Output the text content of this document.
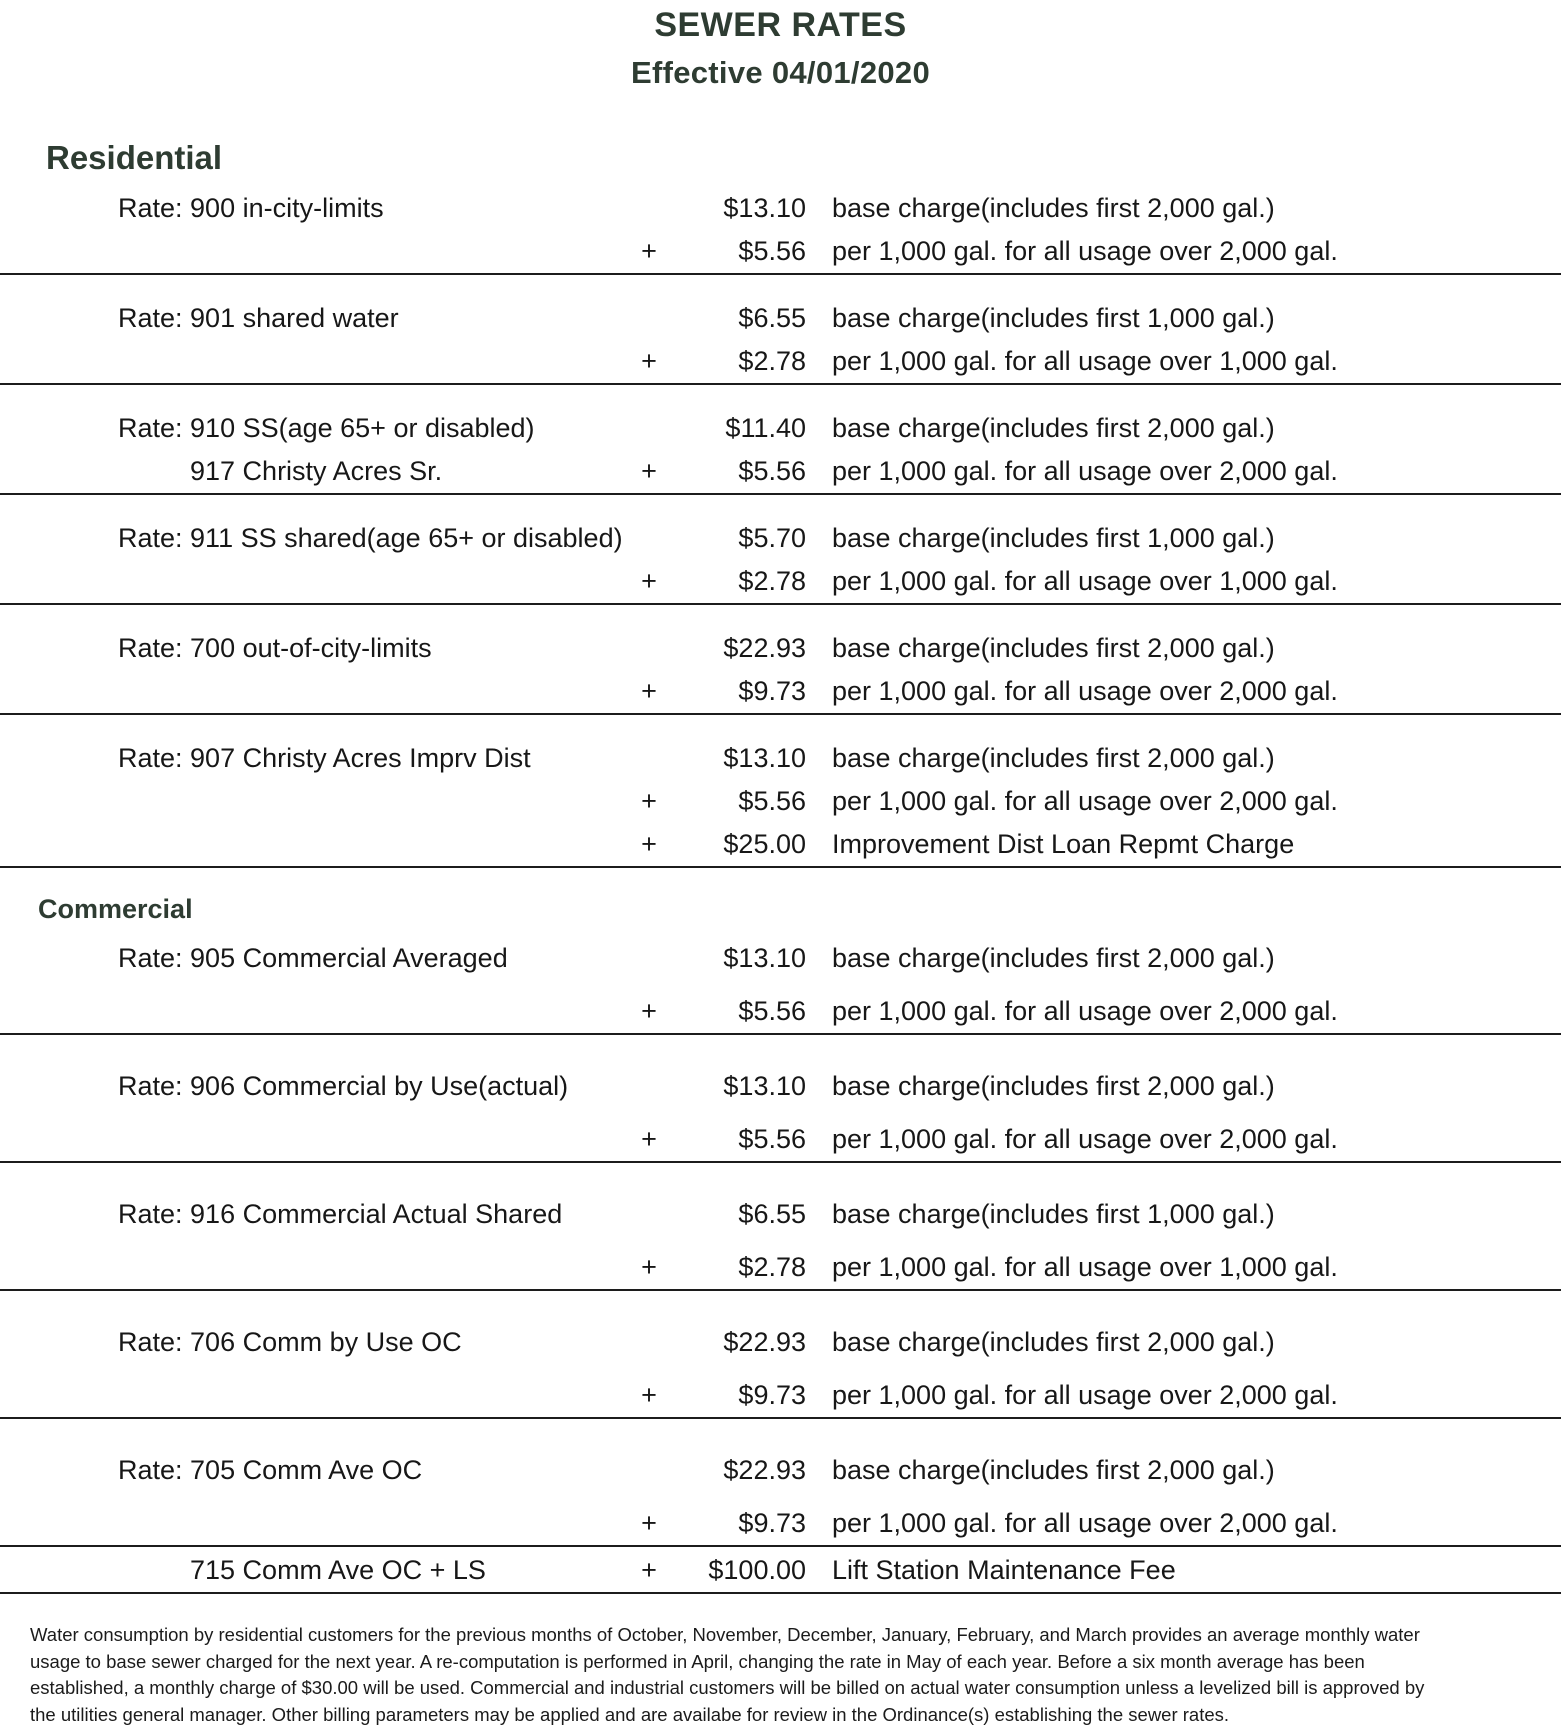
SEWER RATES
Effective 04/01/2020
Residential
Rate: 900 in-city-limits	$13.10 base charge(includes first 2,000 gal.)
+	$5.56 per 1,000 gal. for all usage over 2,000 gal.
Rate: 901 shared water	$6.55 base charge(includes first 1,000 gal.)
+	$2.78 per 1,000 gal. for all usage over 1,000 gal.
Rate: 910 SS(age 65+ or disabled)	$11.40 base charge(includes first 2,000 gal.)
917 Christy Acres Sr.	+	$5.56 per 1,000 gal. for all usage over 2,000 gal.
Rate: 911 SS shared(age 65+ or disabled)	$5.70 base charge(includes first 1,000 gal.)
+	$2.78 per 1,000 gal. for all usage over 1,000 gal.
Rate: 700 out-of-city-limits	$22.93 base charge(includes first 2,000 gal.)
+	$9.73 per 1,000 gal. for all usage over 2,000 gal.
Rate: 907 Christy Acres Imprv Dist	$13.10 base charge(includes first 2,000 gal.)
+	$5.56 per 1,000 gal. for all usage over 2,000 gal.
+	$25.00 Improvement Dist Loan Repmt Charge
Commercial
Rate: 905 Commercial Averaged	$13.10 base charge(includes first 2,000 gal.)
+	$5.56 per 1,000 gal. for all usage over 2,000 gal.
Rate: 906 Commercial by Use(actual)	$13.10 base charge(includes first 2,000 gal.)
+	$5.56 per 1,000 gal. for all usage over 2,000 gal.
Rate: 916 Commercial Actual Shared	$6.55 base charge(includes first 1,000 gal.)
+	$2.78 per 1,000 gal. for all usage over 1,000 gal.
Rate: 706 Comm by Use OC	$22.93 base charge(includes first 2,000 gal.)
+	$9.73 per 1,000 gal. for all usage over 2,000 gal.
Rate: 705 Comm Ave OC	$22.93 base charge(includes first 2,000 gal.)
+	$9.73 per 1,000 gal. for all usage over 2,000 gal.
715 Comm Ave OC + LS	+	$100.00 Lift Station Maintenance Fee
Water consumption by residential customers for the previous months of October, November, December, January, February, and March provides an average monthly water
usage to base sewer charged for the next year. A re-computation is performed in April, changing the rate in May of each year. Before a six month average has been
established, a monthly charge of $30.00 will be used. Commercial and industrial customers will be billed on actual water consumption unless a levelized bill is approved by
the utilities general manager. Other billing parameters may be applied and are availabe for review in the Ordinance(s) establishing the sewer rates.
